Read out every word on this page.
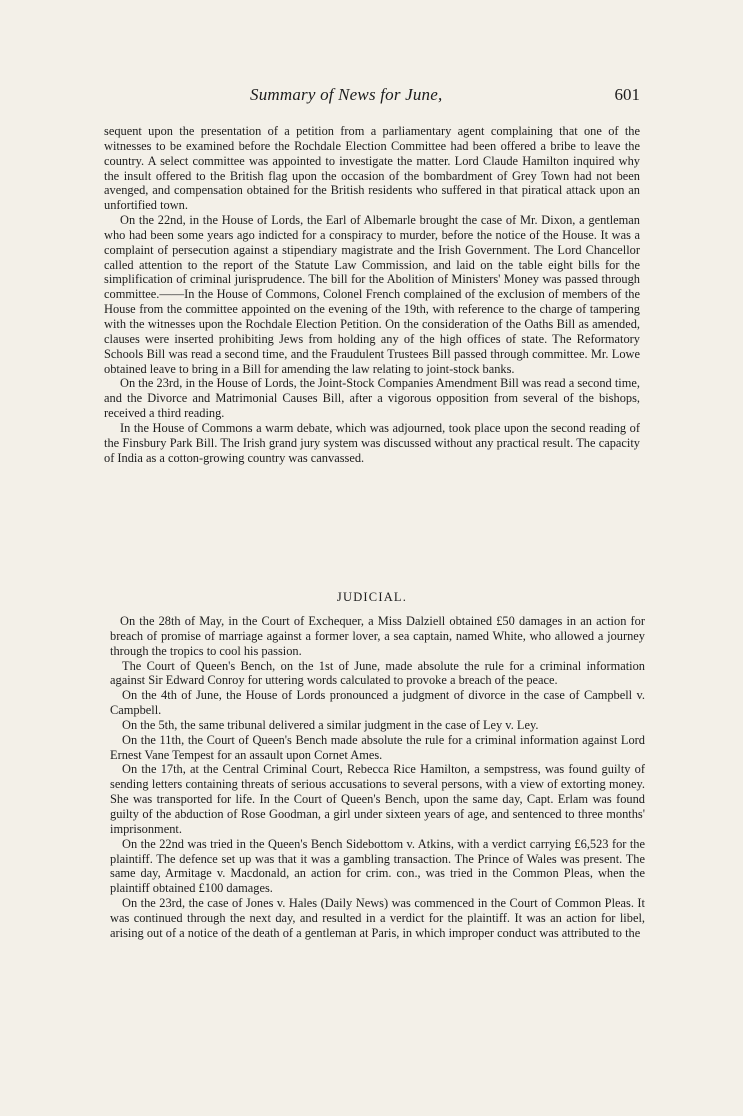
Summary of News for June,	601

sequent upon the presentation of a petition from a parliamentary agent complaining that one of the witnesses to be examined before the Rochdale Election Committee had been offered a bribe to leave the country. A select committee was appointed to investigate the matter. Lord Claude Hamilton inquired why the insult offered to the British flag upon the occasion of the bombardment of Grey Town had not been avenged, and compensation obtained for the British residents who suffered in that piratical attack upon an unfortified town.

On the 22nd, in the House of Lords, the Earl of Albemarle brought the case of Mr. Dixon, a gentleman who had been some years ago indicted for a conspiracy to murder, before the notice of the House. It was a complaint of persecution against a stipendiary magistrate and the Irish Government. The Lord Chancellor called attention to the report of the Statute Law Commission, and laid on the table eight bills for the simplification of criminal jurisprudence. The bill for the Abolition of Ministers' Money was passed through committee.——In the House of Commons, Colonel French complained of the exclusion of members of the House from the committee appointed on the evening of the 19th, with reference to the charge of tampering with the witnesses upon the Rochdale Election Petition. On the consideration of the Oaths Bill as amended, clauses were inserted prohibiting Jews from holding any of the high offices of state. The Reformatory Schools Bill was read a second time, and the Fraudulent Trustees Bill passed through committee. Mr. Lowe obtained leave to bring in a Bill for amending the law relating to joint-stock banks.

On the 23rd, in the House of Lords, the Joint-Stock Companies Amendment Bill was read a second time, and the Divorce and Matrimonial Causes Bill, after a vigorous opposition from several of the bishops, received a third reading.

In the House of Commons a warm debate, which was adjourned, took place upon the second reading of the Finsbury Park Bill. The Irish grand jury system was discussed without any practical result. The capacity of India as a cotton-growing country was canvassed.

JUDICIAL.

On the 28th of May, in the Court of Exchequer, a Miss Dalziell obtained £50 damages in an action for breach of promise of marriage against a former lover, a sea captain, named White, who allowed a journey through the tropics to cool his passion.

The Court of Queen's Bench, on the 1st of June, made absolute the rule for a criminal information against Sir Edward Conroy for uttering words calculated to provoke a breach of the peace.

On the 4th of June, the House of Lords pronounced a judgment of divorce in the case of Campbell v. Campbell.

On the 5th, the same tribunal delivered a similar judgment in the case of Ley v. Ley.

On the 11th, the Court of Queen's Bench made absolute the rule for a criminal information against Lord Ernest Vane Tempest for an assault upon Cornet Ames.

On the 17th, at the Central Criminal Court, Rebecca Rice Hamilton, a sempstress, was found guilty of sending letters containing threats of serious accusations to several persons, with a view of extorting money. She was transported for life. In the Court of Queen's Bench, upon the same day, Capt. Erlam was found guilty of the abduction of Rose Goodman, a girl under sixteen years of age, and sentenced to three months' imprisonment.

On the 22nd was tried in the Queen's Bench Sidebottom v. Atkins, with a verdict carrying £6,523 for the plaintiff. The defence set up was that it was a gambling transaction. The Prince of Wales was present. The same day, Armitage v. Macdonald, an action for crim. con., was tried in the Common Pleas, when the plaintiff obtained £100 damages.

On the 23rd, the case of Jones v. Hales (Daily News) was commenced in the Court of Common Pleas. It was continued through the next day, and resulted in a verdict for the plaintiff. It was an action for libel, arising out of a notice of the death of a gentleman at Paris, in which improper conduct was attributed to the
